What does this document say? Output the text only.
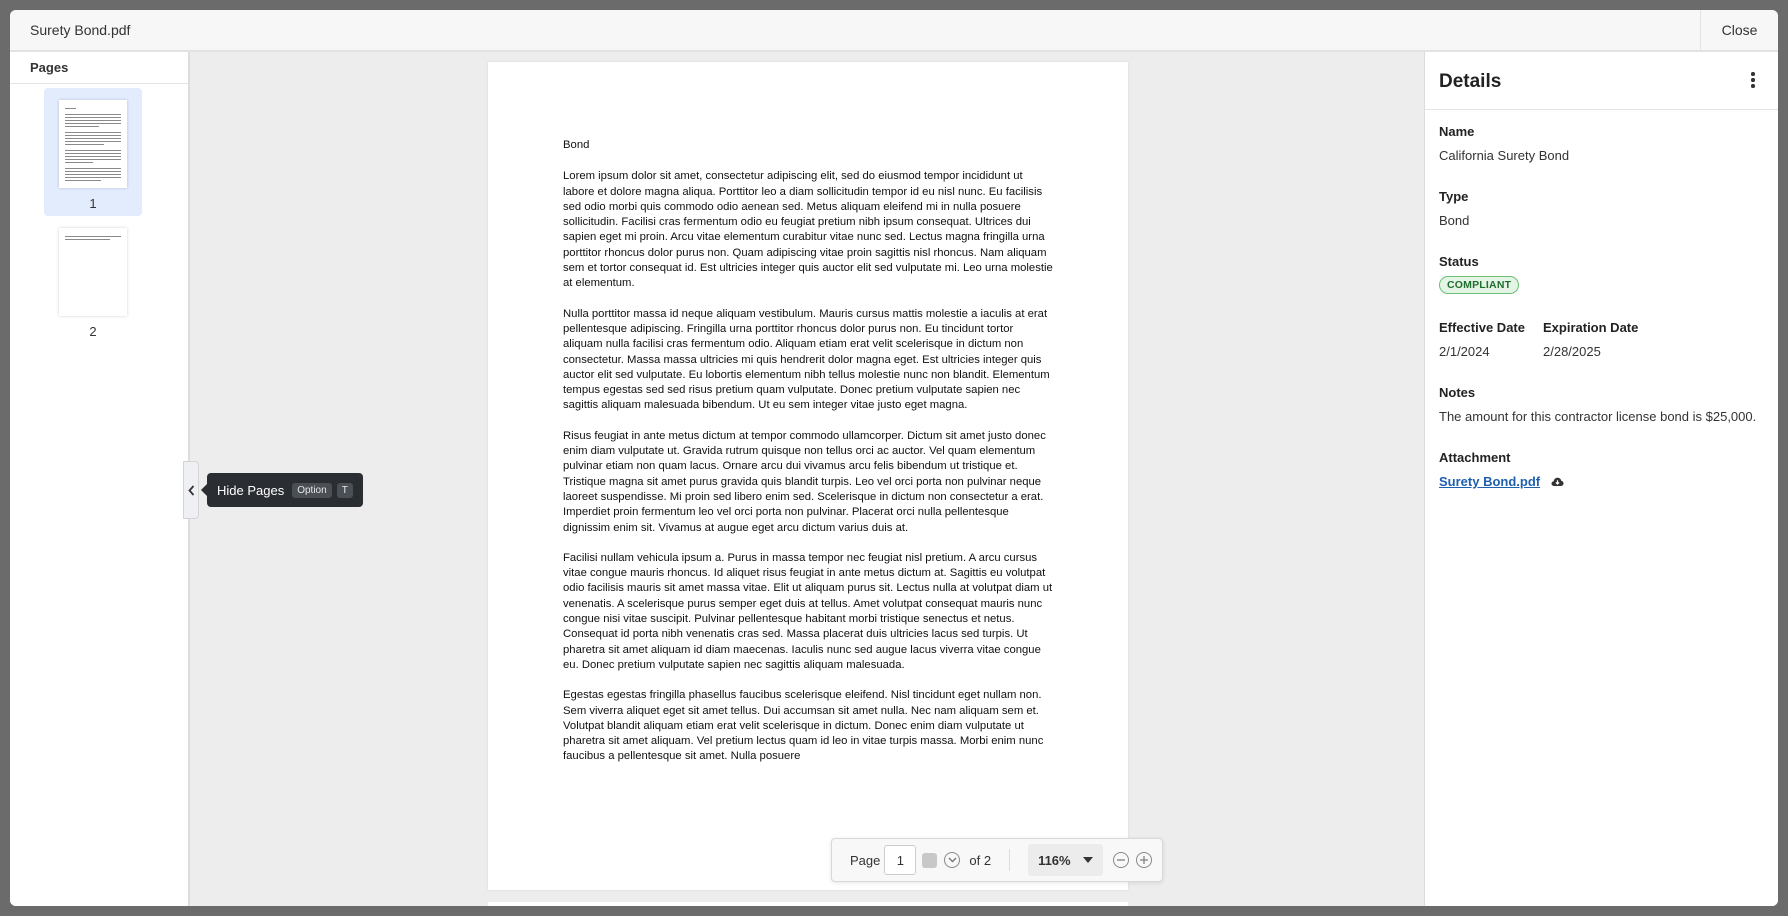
Surety Bond.pdf	Close
Pages
1
2
Bond

Lorem ipsum dolor sit amet, consectetur adipiscing elit, sed do eiusmod tempor incididunt ut labore et dolore magna aliqua. Porttitor leo a diam sollicitudin tempor id eu nisl nunc. Eu facilisis sed odio morbi quis commodo odio aenean sed. Metus aliquam eleifend mi in nulla posuere sollicitudin. Facilisi cras fermentum odio eu feugiat pretium nibh ipsum consequat. Ultrices dui sapien eget mi proin. Arcu vitae elementum curabitur vitae nunc sed. Lectus magna fringilla urna porttitor rhoncus dolor purus non. Quam adipiscing vitae proin sagittis nisl rhoncus. Nam aliquam sem et tortor consequat id. Est ultricies integer quis auctor elit sed vulputate mi. Leo urna molestie at elementum.

Nulla porttitor massa id neque aliquam vestibulum. Mauris cursus mattis molestie a iaculis at erat pellentesque adipiscing. Fringilla urna porttitor rhoncus dolor purus non. Eu tincidunt tortor aliquam nulla facilisi cras fermentum odio. Aliquam etiam erat velit scelerisque in dictum non consectetur. Massa massa ultricies mi quis hendrerit dolor magna eget. Est ultricies integer quis auctor elit sed vulputate. Eu lobortis elementum nibh tellus molestie nunc non blandit. Elementum tempus egestas sed sed risus pretium quam vulputate. Donec pretium vulputate sapien nec sagittis aliquam malesuada bibendum. Ut eu sem integer vitae justo eget magna.

Risus feugiat in ante metus dictum at tempor commodo ullamcorper. Dictum sit amet justo donec enim diam vulputate ut. Gravida rutrum quisque non tellus orci ac auctor. Vel quam elementum pulvinar etiam non quam lacus. Ornare arcu dui vivamus arcu felis bibendum ut tristique et. Tristique magna sit amet purus gravida quis blandit turpis. Leo vel orci porta non pulvinar neque laoreet suspendisse. Mi proin sed libero enim sed. Scelerisque in dictum non consectetur a erat. Imperdiet proin fermentum leo vel orci porta non pulvinar. Placerat orci nulla pellentesque dignissim enim sit. Vivamus at augue eget arcu dictum varius duis at.

Facilisi nullam vehicula ipsum a. Purus in massa tempor nec feugiat nisl pretium. A arcu cursus vitae congue mauris rhoncus. Id aliquet risus feugiat in ante metus dictum at. Sagittis eu volutpat odio facilisis mauris sit amet massa vitae. Elit ut aliquam purus sit. Lectus nulla at volutpat diam ut venenatis. A scelerisque purus semper eget duis at tellus. Amet volutpat consequat mauris nunc congue nisi vitae suscipit. Pulvinar pellentesque habitant morbi tristique senectus et netus. Consequat id porta nibh venenatis cras sed. Massa placerat duis ultricies lacus sed turpis. Ut pharetra sit amet aliquam id diam maecenas. Iaculis nunc sed augue lacus viverra vitae congue eu. Donec pretium vulputate sapien nec sagittis aliquam malesuada.

Egestas egestas fringilla phasellus faucibus scelerisque eleifend. Nisl tincidunt eget nullam non. Sem viverra aliquet eget sit amet tellus. Dui accumsan sit amet nulla. Nec nam aliquam sem et. Volutpat blandit aliquam etiam erat velit scelerisque in dictum. Donec enim diam vulputate ut pharetra sit amet aliquam. Vel pretium lectus quam id leo in vitae turpis massa. Morbi enim nunc faucibus a pellentesque sit amet. Nulla posuere

Page
1	of 2	116%
Hide Pages	Option	T
Details
Name
California Surety Bond
Type
Bond
Status
COMPLIANT
Effective Date
2/1/2024
Expiration Date
2/28/2025
Notes
The amount for this contractor license bond is $25,000.
Attachment
Surety Bond.pdf
